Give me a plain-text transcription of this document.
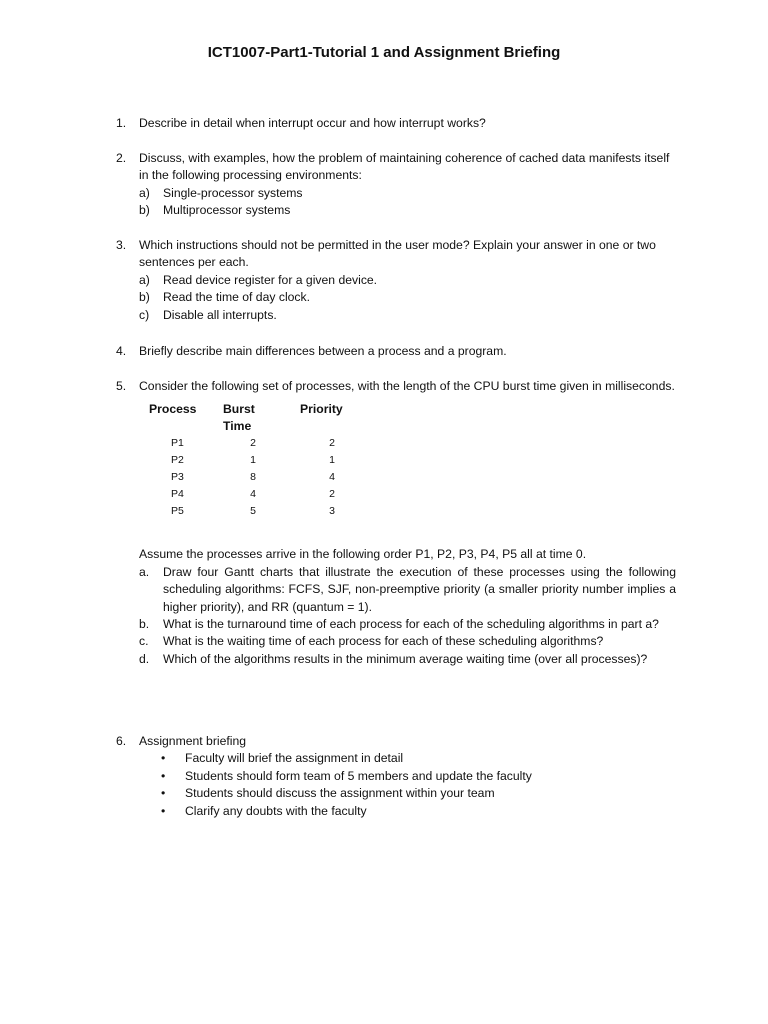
ICT1007-Part1-Tutorial 1 and Assignment Briefing
1. Describe in detail when interrupt occur and how interrupt works?
2. Discuss, with examples, how the problem of maintaining coherence of cached data manifests itself in the following processing environments:
a) Single-processor systems
b) Multiprocessor systems
3. Which instructions should not be permitted in the user mode? Explain your answer in one or two sentences per each.
a) Read device register for a given device.
b) Read the time of day clock.
c) Disable all interrupts.
4. Briefly describe main differences between a process and a program.
5. Consider the following set of processes, with the length of the CPU burst time given in milliseconds.
Process	Burst Time	Priority
P1	2	2
P2	1	1
P3	8	4
P4	4	2
P5	5	3
Assume the processes arrive in the following order P1, P2, P3, P4, P5 all at time 0.
a. Draw four Gantt charts that illustrate the execution of these processes using the following scheduling algorithms: FCFS, SJF, non-preemptive priority (a smaller priority number implies a higher priority), and RR (quantum = 1).
b. What is the turnaround time of each process for each of the scheduling algorithms in part a?
c. What is the waiting time of each process for each of these scheduling algorithms?
d. Which of the algorithms results in the minimum average waiting time (over all processes)?
6. Assignment briefing
• Faculty will brief the assignment in detail
• Students should form team of 5 members and update the faculty
• Students should discuss the assignment within your team
• Clarify any doubts with the faculty
